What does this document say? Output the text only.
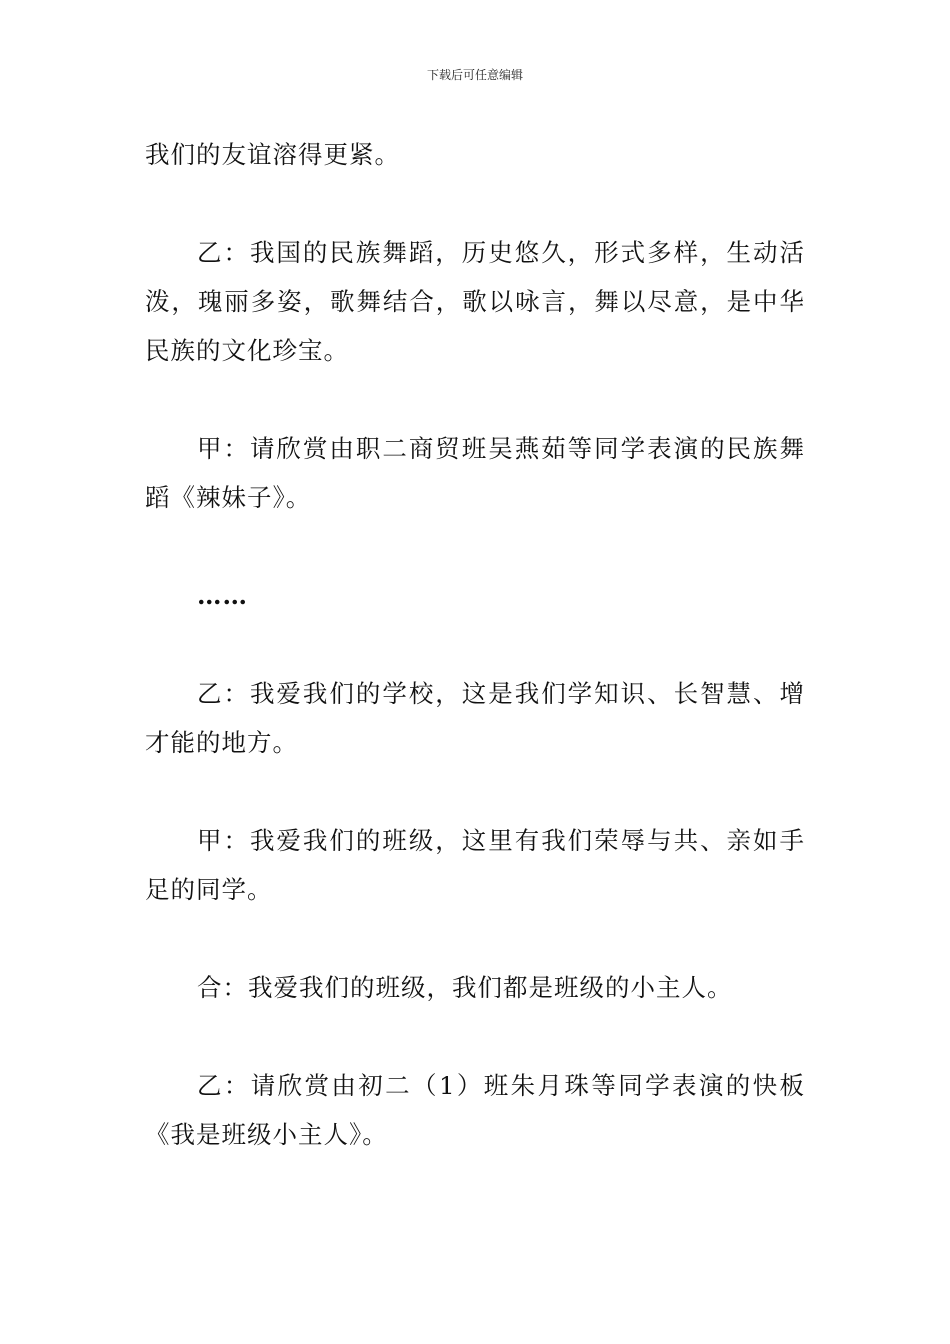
下载后可任意编辑

我们的友谊溶得更紧。

乙：我国的民族舞蹈，历史悠久，形式多样，生动活泼，瑰丽多姿，歌舞结合，歌以咏言，舞以尽意，是中华民族的文化珍宝。

甲：请欣赏由职二商贸班吴燕茹等同学表演的民族舞蹈《辣妹子》。

……

乙：我爱我们的学校，这是我们学知识、长智慧、增才能的地方。

甲：我爱我们的班级，这里有我们荣辱与共、亲如手足的同学。

合：我爱我们的班级，我们都是班级的小主人。

乙：请欣赏由初二（1）班朱月珠等同学表演的快板《我是班级小主人》。
